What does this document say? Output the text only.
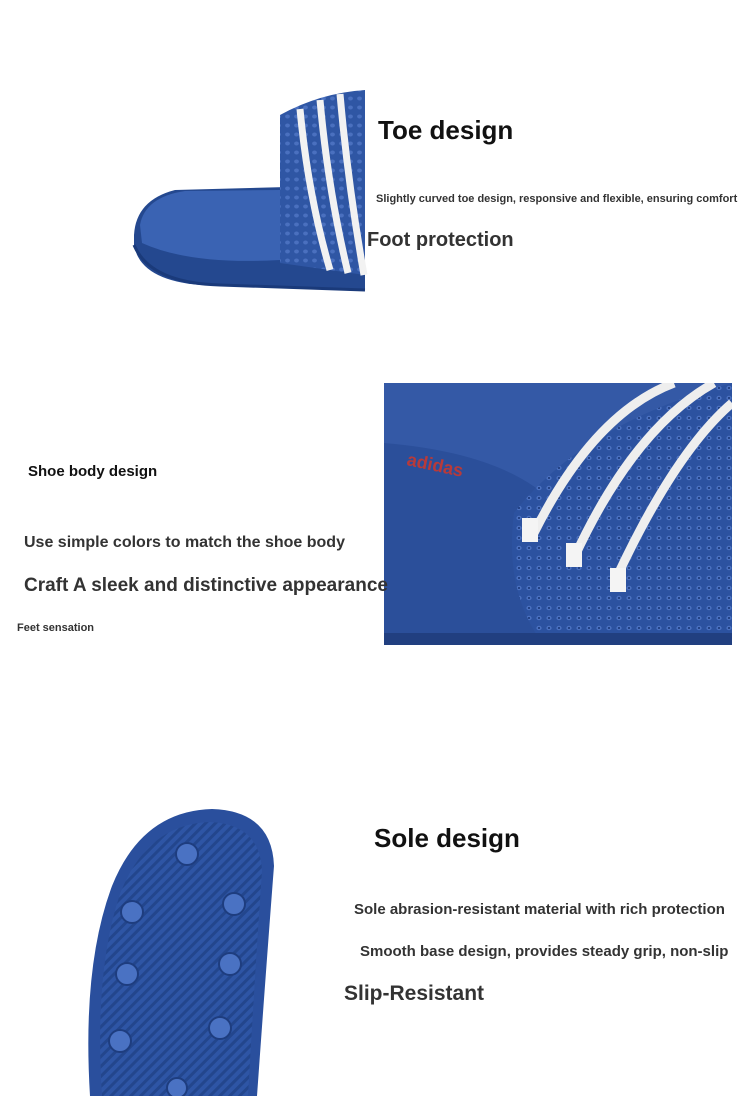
Toe design

Slightly curved toe design, responsive and flexible, ensuring comfort

Foot protection
adidas
Shoe body design

Use simple colors to match the shoe body

Craft A sleek and distinctive appearance

Feet sensation

Sole design

Sole abrasion-resistant material with rich protection

Smooth base design, provides steady grip, non-slip

Slip-Resistant
